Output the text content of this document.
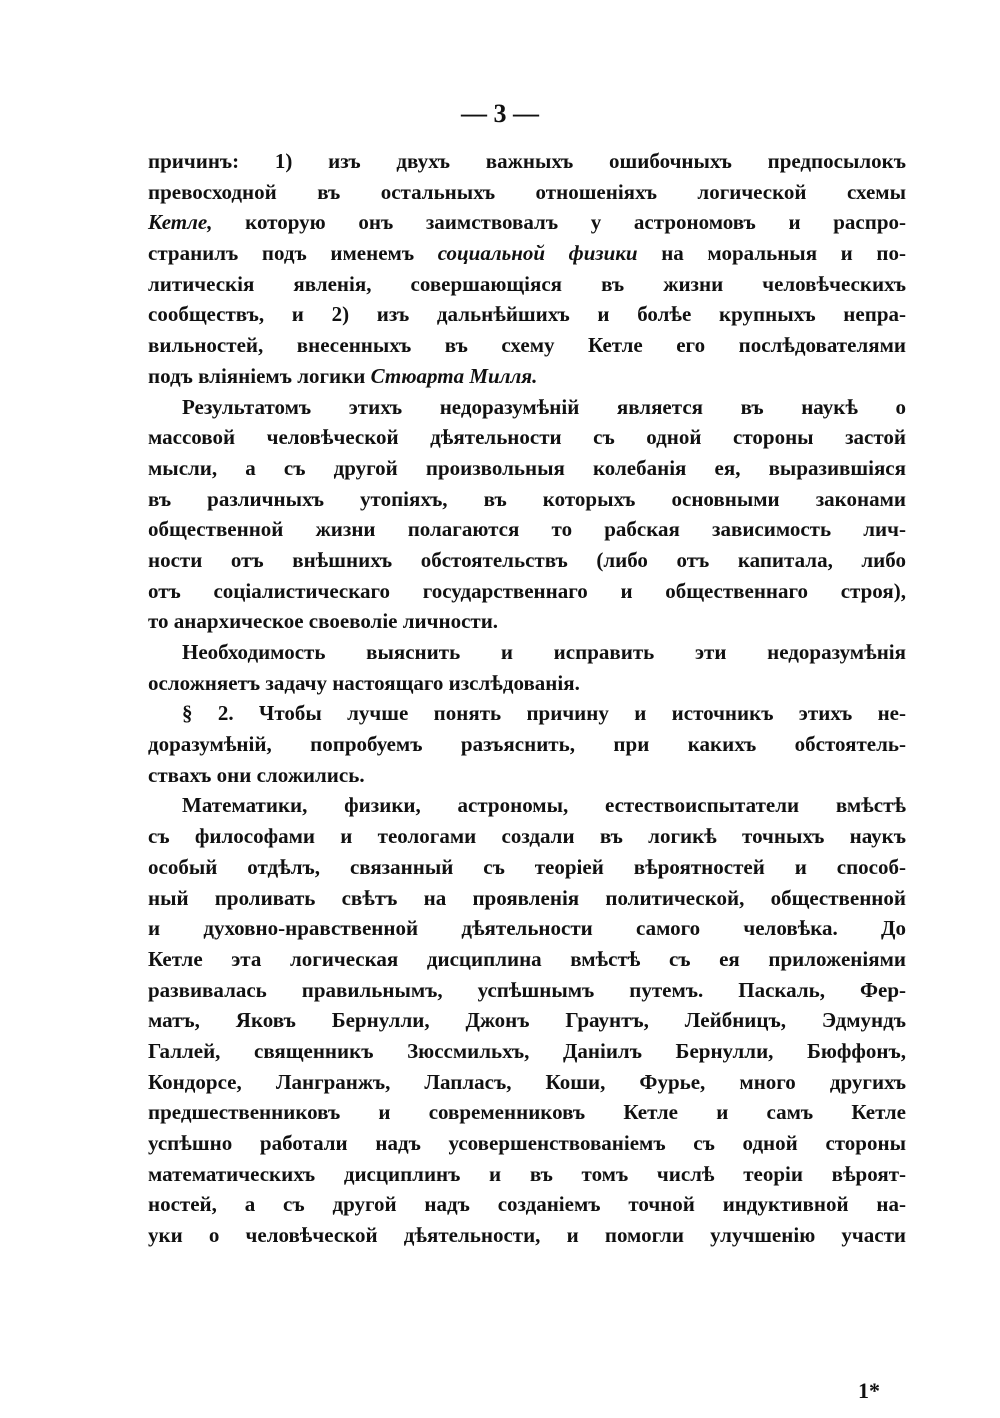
— 3 —
причинъ: 1) изъ двухъ важныхъ ошибочныхъ предпосылокъ
превосходной въ остальныхъ отношеніяхъ логической схемы
Кетле, которую онъ заимствовалъ у астрономовъ и распро-
странилъ подъ именемъ социальной физики на моральныя и по-
литическія явленія, совершающіяся въ жизни человѣческихъ
сообществъ, и 2) изъ дальнѣйшихъ и болѣе крупныхъ непра-
вильностей, внесенныхъ въ схему Кетле его послѣдователями
подъ вліяніемъ логики Стюарта Милля.
Результатомъ этихъ недоразумѣній является въ наукѣ о
массовой человѣческой дѣятельности съ одной стороны застой
мысли, а съ другой произвольныя колебанія ея, выразившіяся
въ различныхъ утопіяхъ, въ которыхъ основными законами
общественной жизни полагаются то рабская зависимость лич-
ности отъ внѣшнихъ обстоятельствъ (либо отъ капитала, либо
отъ соціалистическаго государственнаго и общественнаго строя),
то анархическое своеволіе личности.
Необходимость выяснить и исправить эти недоразумѣнія
осложняетъ задачу настоящаго изслѣдованія.
§ 2. Чтобы лучше понять причину и источникъ этихъ не-
доразумѣній, попробуемъ разъяснить, при какихъ обстоятель-
ствахъ они сложились.
Математики, физики, астрономы, естествоиспытатели вмѣстѣ
съ философами и теологами создали въ логикѣ точныхъ наукъ
особый отдѣлъ, связанный съ теоріей вѣроятностей и способ-
ный проливать свѣтъ на проявленія политической, общественной
и духовно-нравственной дѣятельности самого человѣка. До
Кетле эта логическая дисциплина вмѣстѣ съ ея приложеніями
развивалась правильнымъ, успѣшнымъ путемъ. Паскаль, Фер-
матъ, Яковъ Бернулли, Джонъ Граунтъ, Лейбницъ, Эдмундъ
Галлей, священникъ Зюссмильхъ, Даніилъ Бернулли, Бюффонъ,
Кондорсе, Лангранжъ, Лапласъ, Коши, Фурье, много другихъ
предшественниковъ и современниковъ Кетле и самъ Кетле
успѣшно работали надъ усовершенствованіемъ съ одной стороны
математическихъ дисциплинъ и въ томъ числѣ теоріи вѣроят-
ностей, а съ другой надъ созданіемъ точной индуктивной на-
уки о человѣческой дѣятельности, и помогли улучшенію участи
1*
